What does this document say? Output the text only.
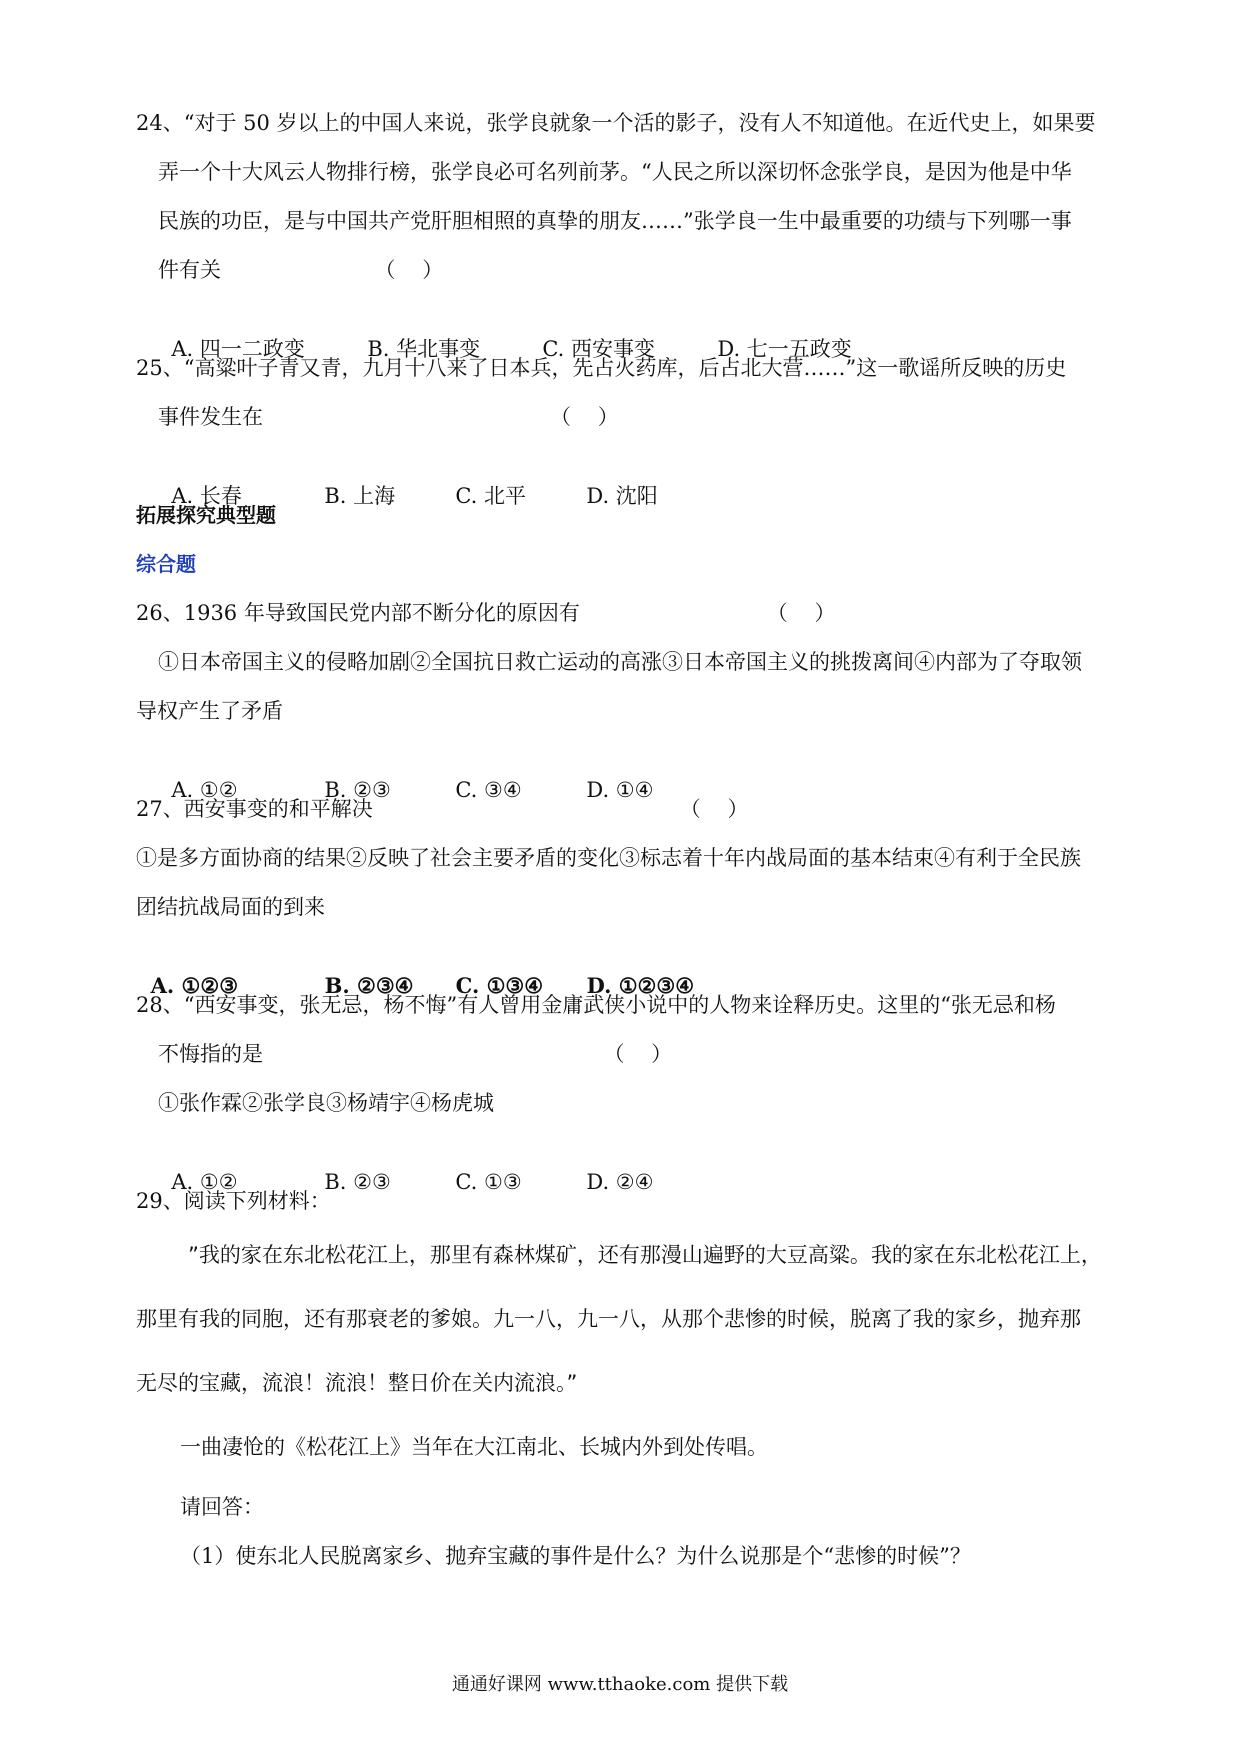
24、“对于 50 岁以上的中国人来说，张学良就象一个活的影子，没有人不知道他。在近代史上，如果要
弄一个十大风云人物排行榜，张学良必可名列前茅。“人民之所以深切怀念张学良，是因为他是中华
民族的功臣，是与中国共产党肝胆相照的真挚的朋友……”张学良一生中最重要的功绩与下列哪一事
件有关                       （    ）

A. 四一二政变	B. 华北事变	C. 西安事变	D. 七一五政变

25、“高粱叶子青又青，九月十八来了日本兵，先占火药库，后占北大营……”这一歌谣所反映的历史
事件发生在                                           （    ）

A. 长春	B. 上海	C. 北平	D. 沈阳

拓展探究典型题
综合题
26、1936 年导致国民党内部不断分化的原因有                            （    ）
①日本帝国主义的侵略加剧②全国抗日救亡运动的高涨③日本帝国主义的挑拨离间④内部为了夺取领
导权产生了矛盾

A. ①②	B. ②③	C. ③④	D. ①④

27、西安事变的和平解决                                              （    ）
①是多方面协商的结果②反映了社会主要矛盾的变化③标志着十年内战局面的基本结束④有利于全民族
团结抗战局面的到来

A. ①②③	B. ②③④ C. ①③④ D. ①②③④

28、“西安事变，张无忌，杨不悔”有人曾用金庸武侠小说中的人物来诠释历史。这里的“张无忌和杨
不悔指的是                                                   （    ）
①张作霖②张学良③杨靖宇④杨虎城

A. ①②	B. ②③	C. ①③	D. ②④

29、阅读下列材料：
”我的家在东北松花江上，那里有森林煤矿，还有那漫山遍野的大豆高粱。我的家在东北松花江上，
那里有我的同胞，还有那衰老的爹娘。九一八，九一八，从那个悲惨的时候，脱离了我的家乡，抛弃那
无尽的宝藏，流浪！流浪！整日价在关内流浪。”
一曲凄怆的《松花江上》当年在大江南北、长城内外到处传唱。
请回答：
（1）使东北人民脱离家乡、抛弃宝藏的事件是什么？为什么说那是个“悲惨的时候”？
通通好课网 www.tthaoke.com 提供下载
